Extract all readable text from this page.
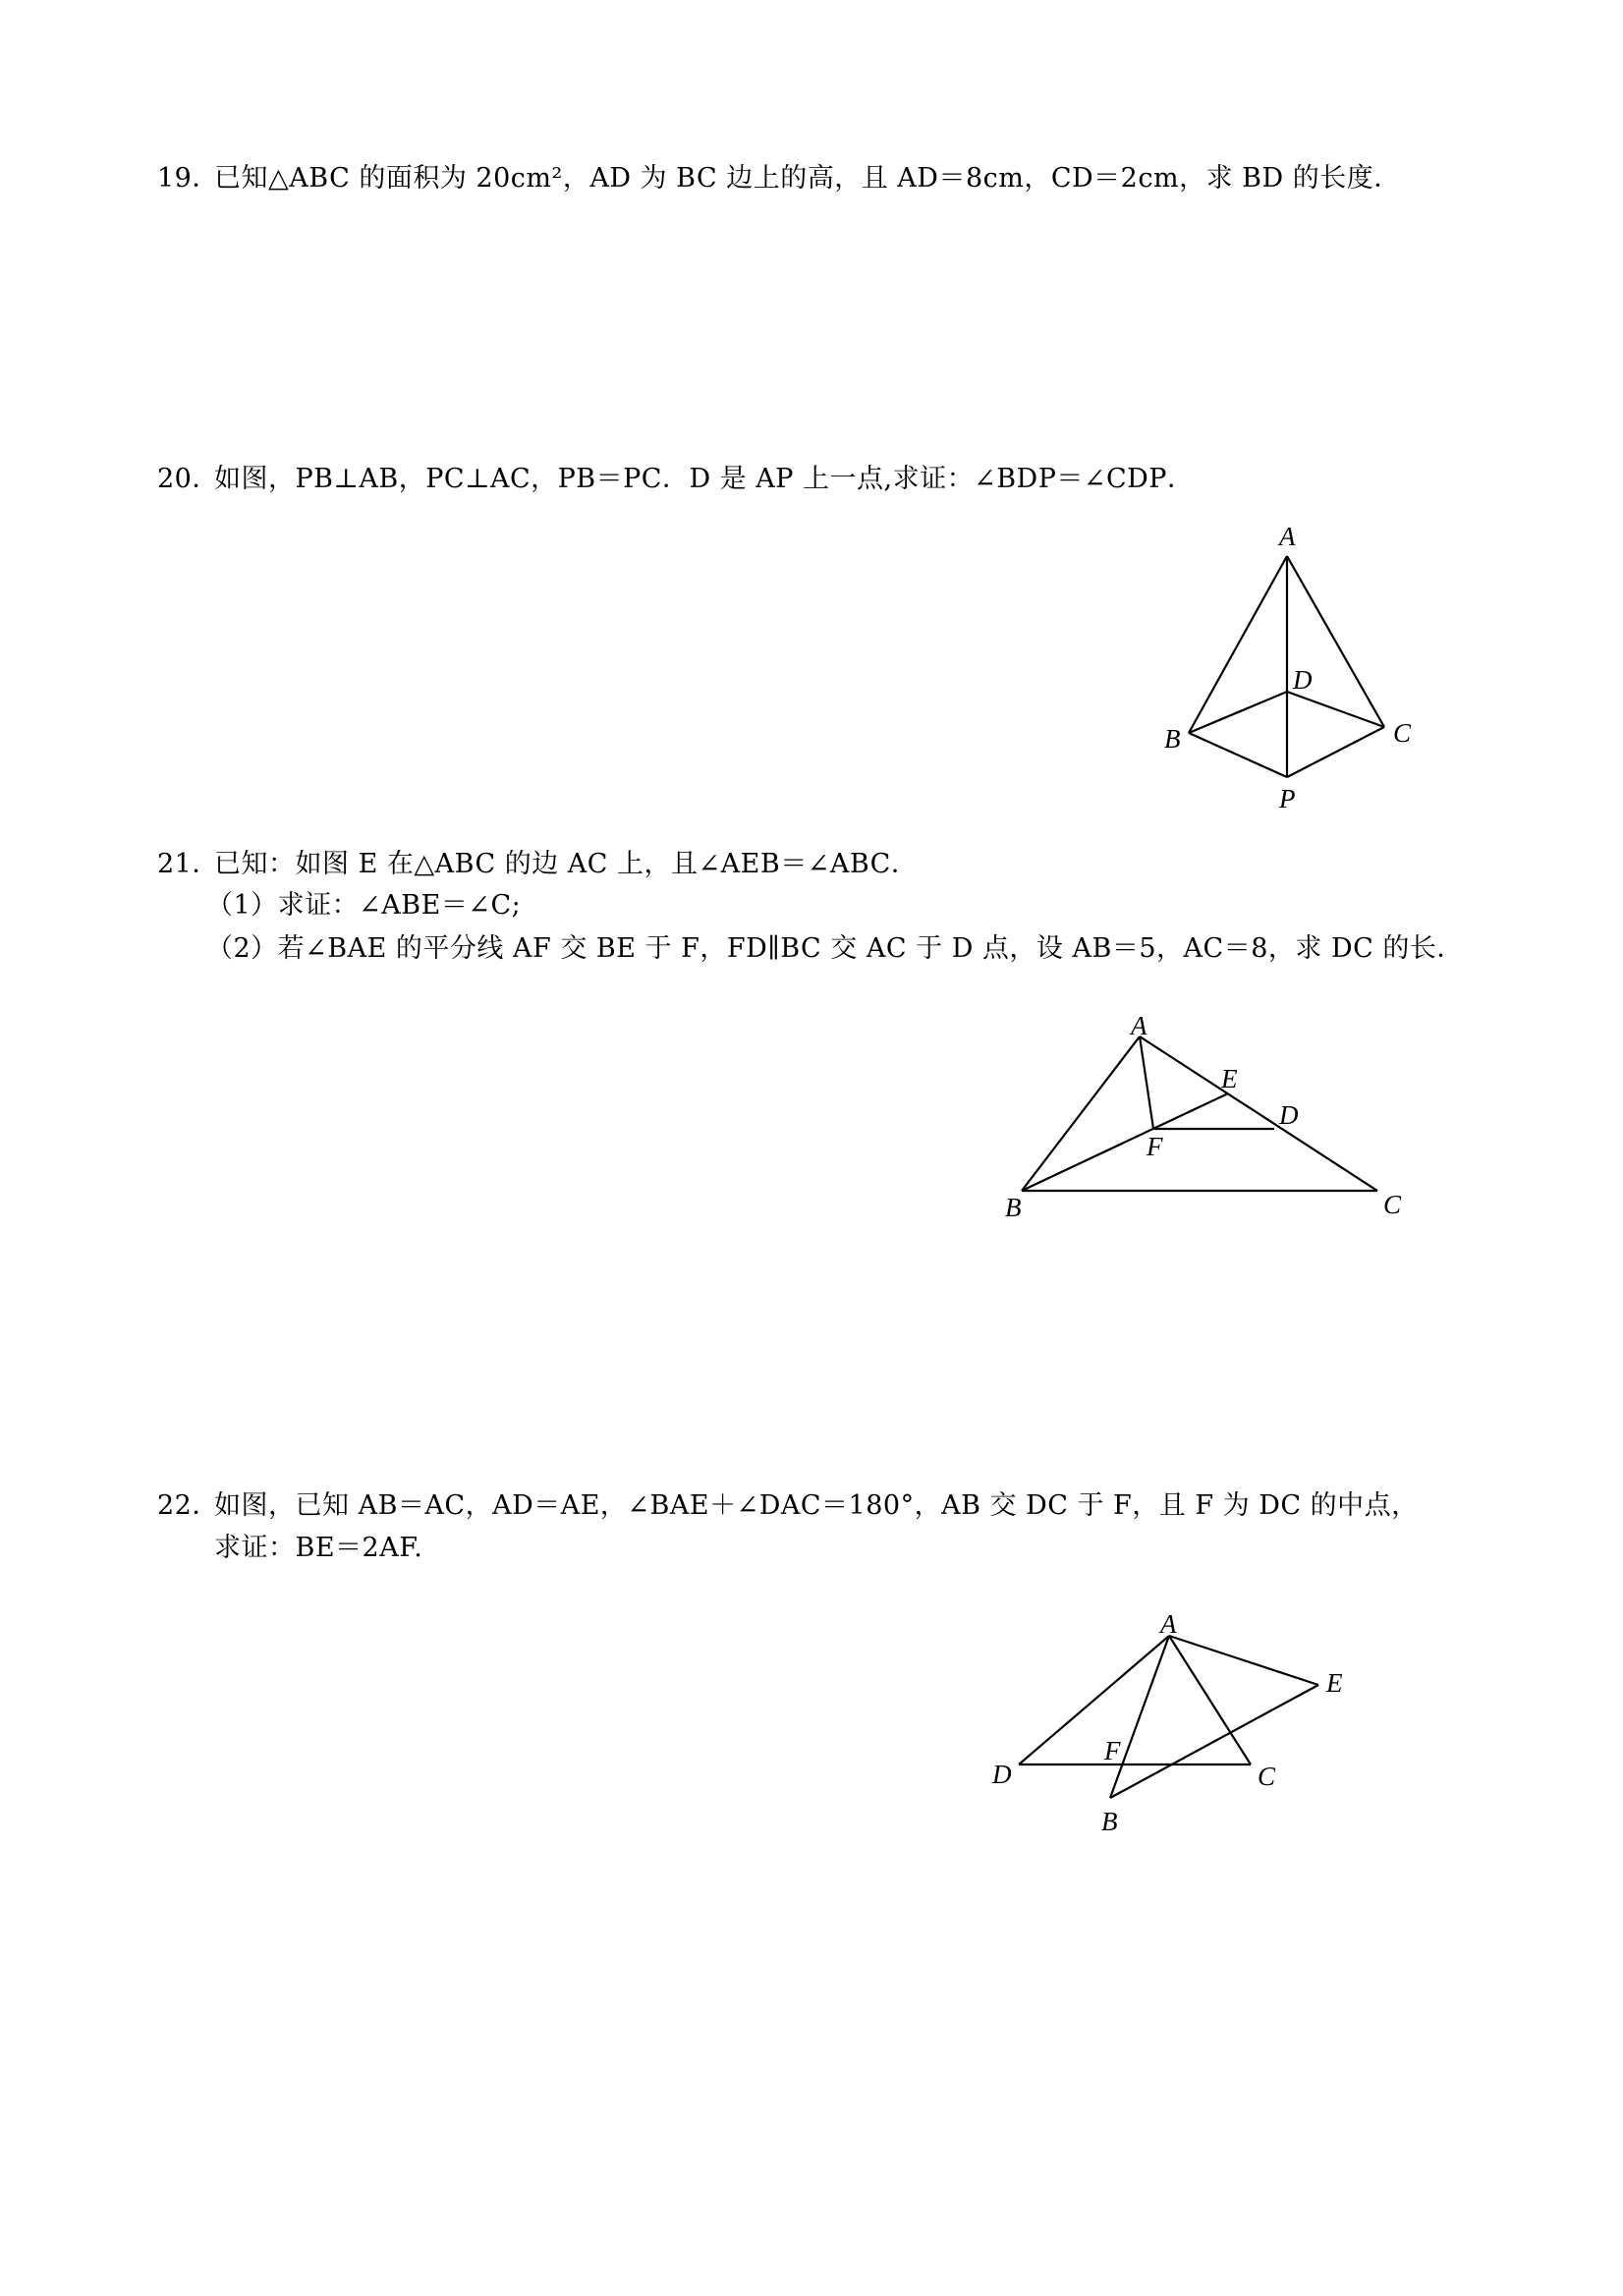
19．已知△ABC 的面积为 20cm²，AD 为 BC 边上的高，且 AD＝8cm，CD＝2cm，求 BD 的长度．
20．如图，PB⊥AB，PC⊥AC，PB＝PC．D 是 AP 上一点,求证：∠BDP＝∠CDP．
A
D
B	C
P
21．已知：如图 E 在△ABC 的边 AC 上，且∠AEB＝∠ABC．
（1）求证：∠ABE＝∠C;
（2）若∠BAE 的平分线 AF 交 BE 于 F，FD∥BC 交 AC 于 D 点，设 AB＝5，AC＝8，求 DC 的长．
A
E
D
F
B	C
22．如图，已知 AB＝AC，AD＝AE，∠BAE＋∠DAC＝180°，AB 交 DC 于 F，且 F 为 DC 的中点，
求证：BE＝2AF.
A
E
F
D	C
B
